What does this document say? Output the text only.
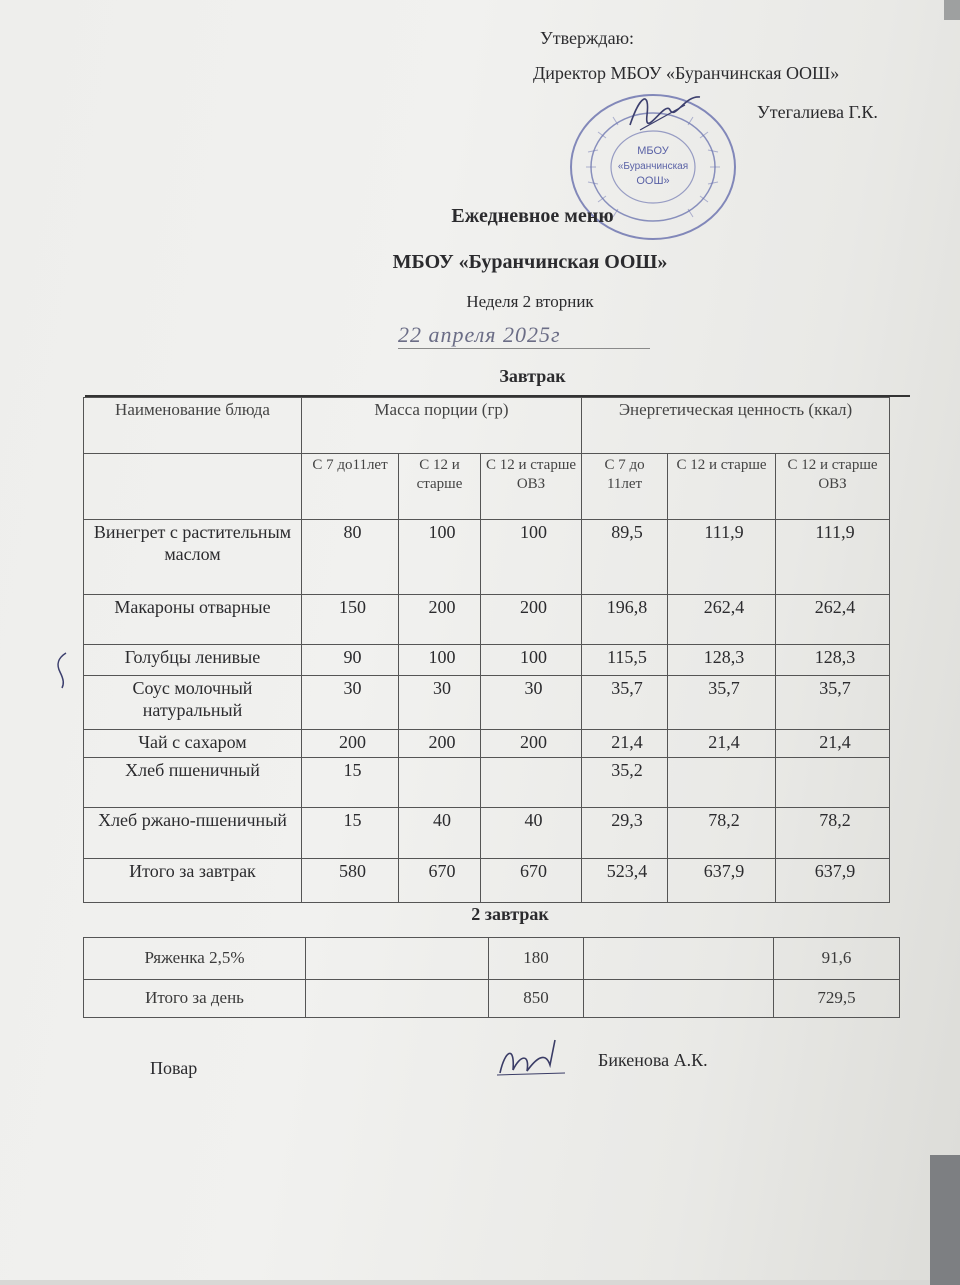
Утверждаю:
Директор МБОУ «Буранчинская ООШ»
Утегалиева Г.К.
МБОУ
«Буранчинская
ООШ»
Ежедневное меню
МБОУ «Буранчинская ООШ»
Неделя 2 вторник
22 апреля 2025г
Завтрак
Наименование блюда	Масса порции (гр)			Энергетическая ценность (ккал)		
	С 7 до11лет	С 12 и старше	С 12 и старше ОВЗ	С 7 до 11лет	С 12 и старше	С 12 и старше ОВЗ
Винегрет с растительным маслом	80	100	100	89,5	111,9	111,9
Макароны отварные	150	200	200	196,8	262,4	262,4
Голубцы ленивые	90	100	100	115,5	128,3	128,3
Соус молочный натуральный	30	30	30	35,7	35,7	35,7
Чай с сахаром	200	200	200	21,4	21,4	21,4
Хлеб пшеничный	15			35,2		
Хлеб ржано-пшеничный	15	40	40	29,3	78,2	78,2
Итого за завтрак	580	670	670	523,4	637,9	637,9
2 завтрак
Ряженка 2,5%		180		91,6
Итого за день		850		729,5
Повар	Бикенова А.К.
